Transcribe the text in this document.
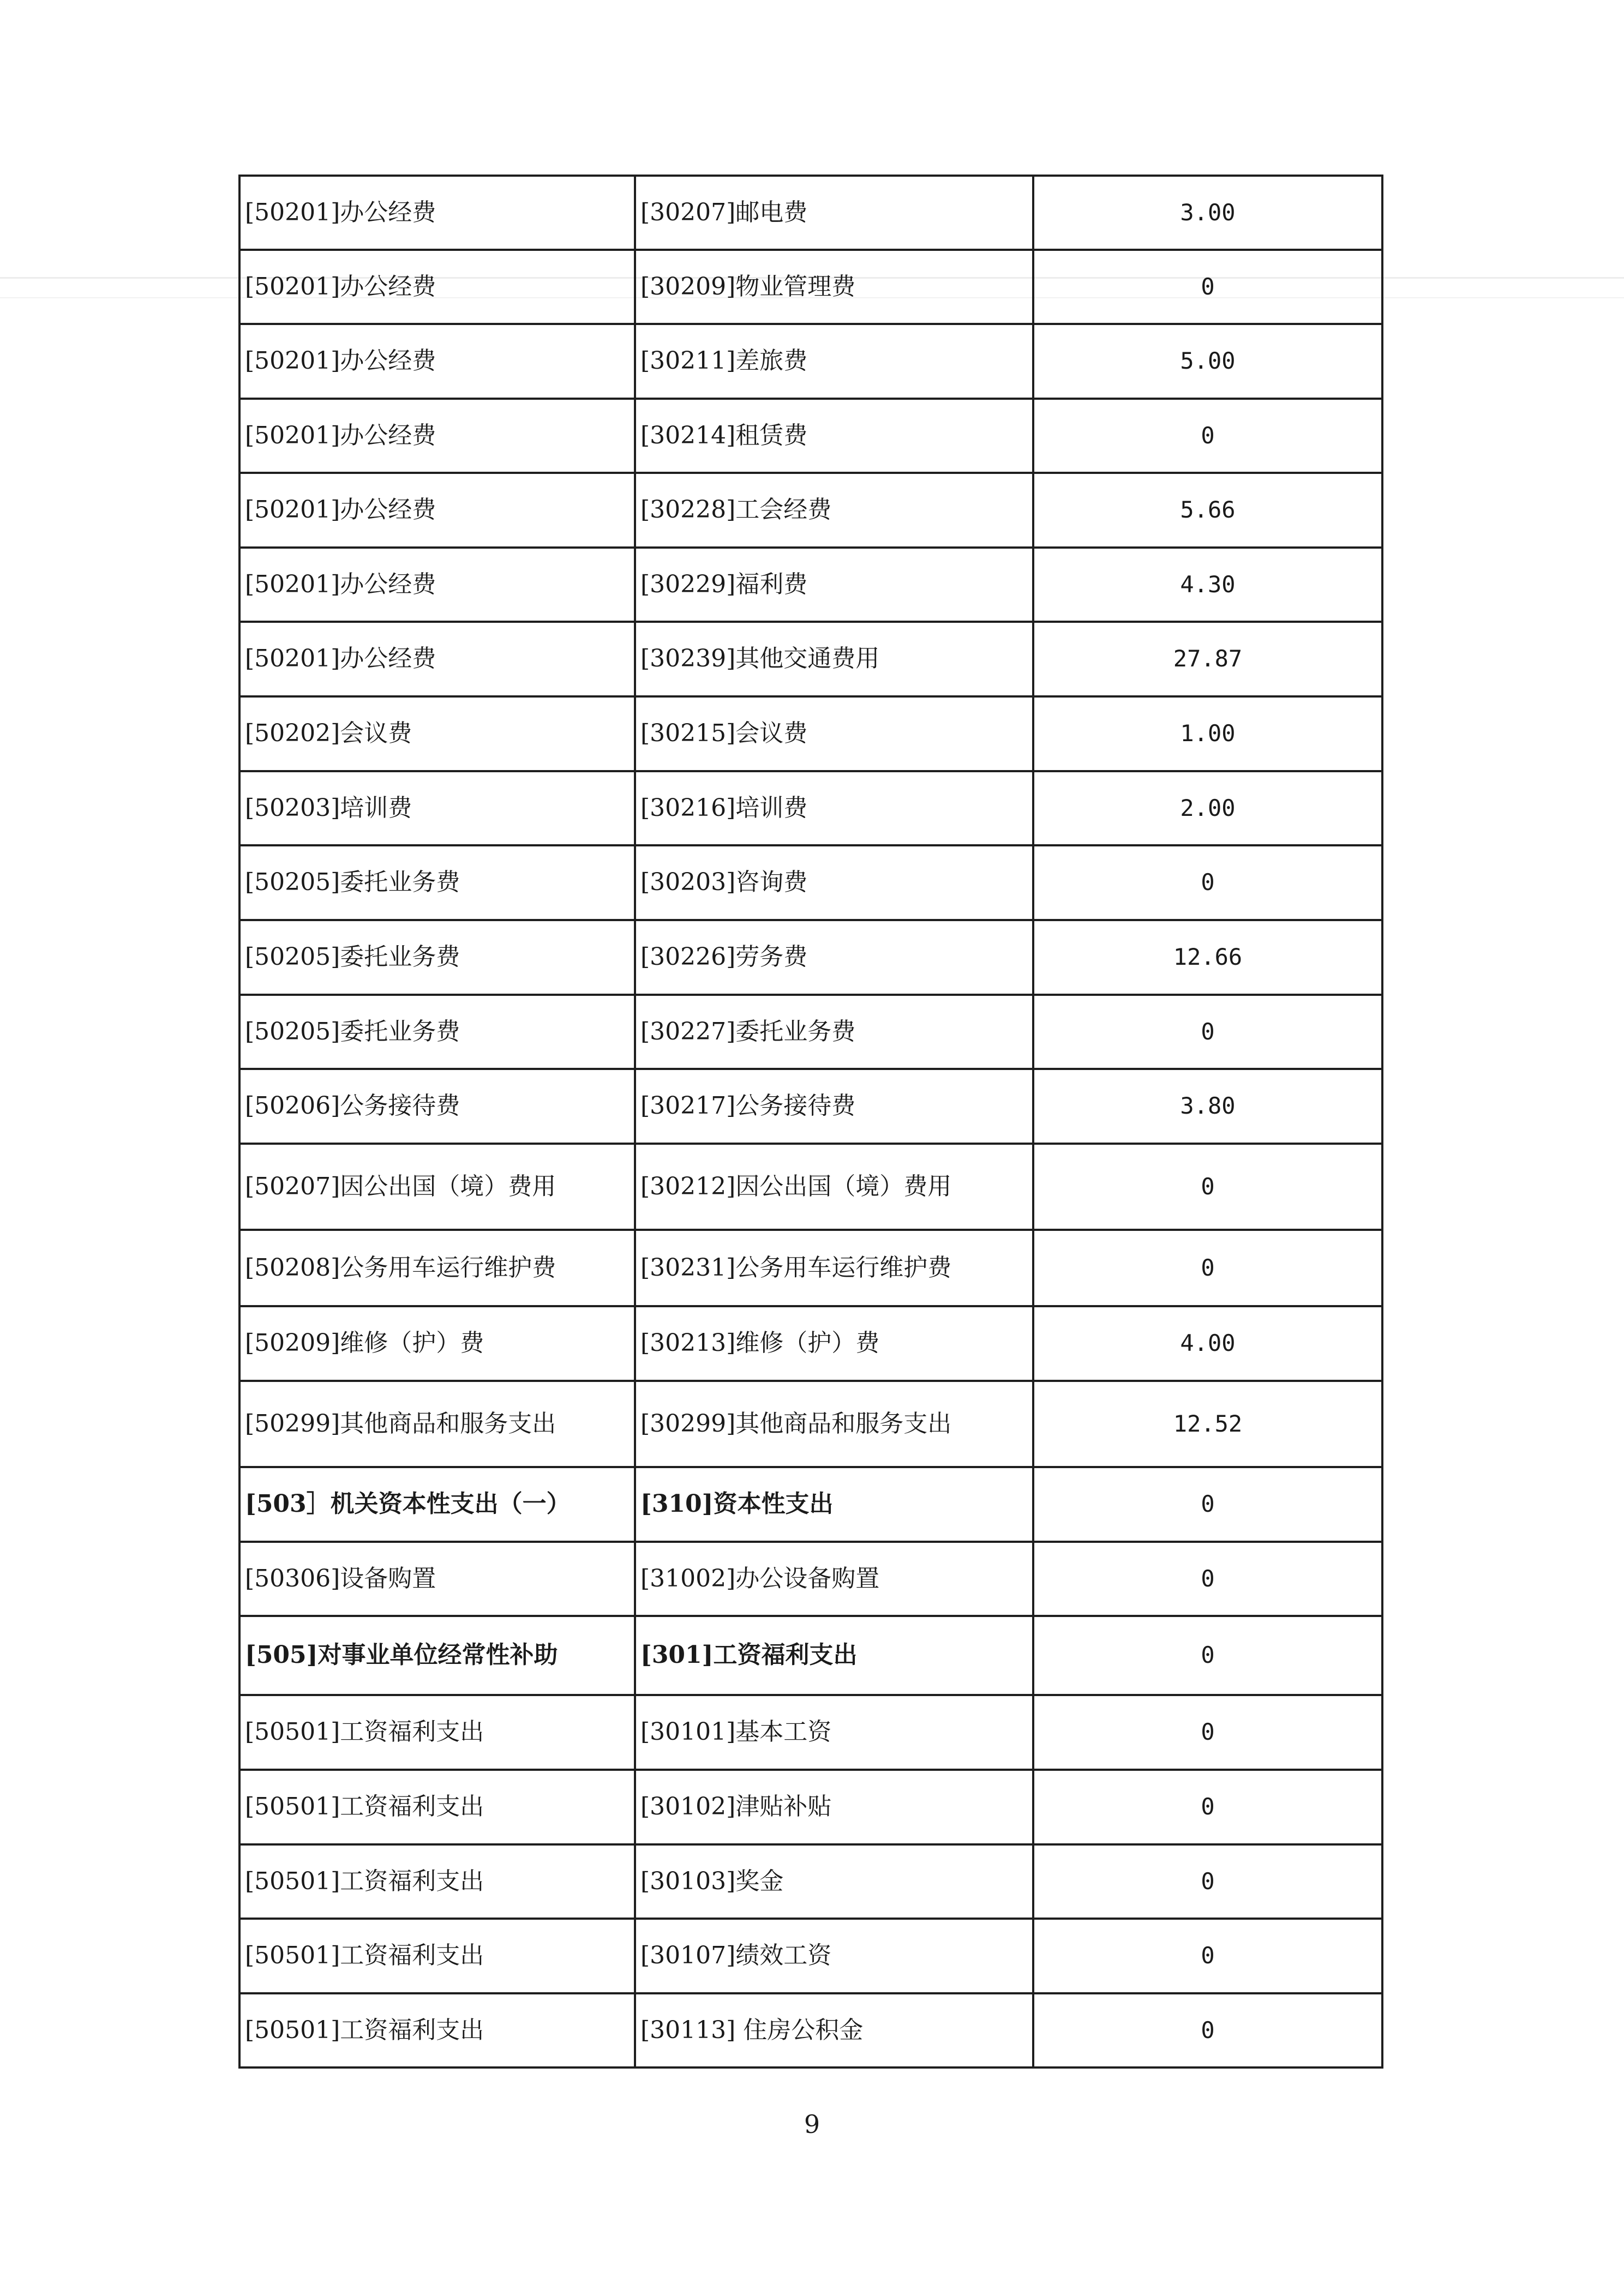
[50201]办公经费	[30207]邮电费	3.00
[50201]办公经费	[30209]物业管理费	0
[50201]办公经费	[30211]差旅费	5.00
[50201]办公经费	[30214]租赁费	0
[50201]办公经费	[30228]工会经费	5.66
[50201]办公经费	[30229]福利费	4.30
[50201]办公经费	[30239]其他交通费用	27.87
[50202]会议费	[30215]会议费	1.00
[50203]培训费	[30216]培训费	2.00
[50205]委托业务费	[30203]咨询费	0
[50205]委托业务费	[30226]劳务费	12.66
[50205]委托业务费	[30227]委托业务费	0
[50206]公务接待费	[30217]公务接待费	3.80
[50207]因公出国（境）费用	[30212]因公出国（境）费用	0
[50208]公务用车运行维护费	[30231]公务用车运行维护费	0
[50209]维修（护）费	[30213]维修（护）费	4.00
[50299]其他商品和服务支出	[30299]其他商品和服务支出	12.52
[503］机关资本性支出（一）	[310]资本性支出	0
[50306]设备购置	[31002]办公设备购置	0
[505]对事业单位经常性补助	[301]工资福利支出	0
[50501]工资福利支出	[30101]基本工资	0
[50501]工资福利支出	[30102]津贴补贴	0
[50501]工资福利支出	[30103]奖金	0
[50501]工资福利支出	[30107]绩效工资	0
[50501]工资福利支出	[30113] 住房公积金	0
9
